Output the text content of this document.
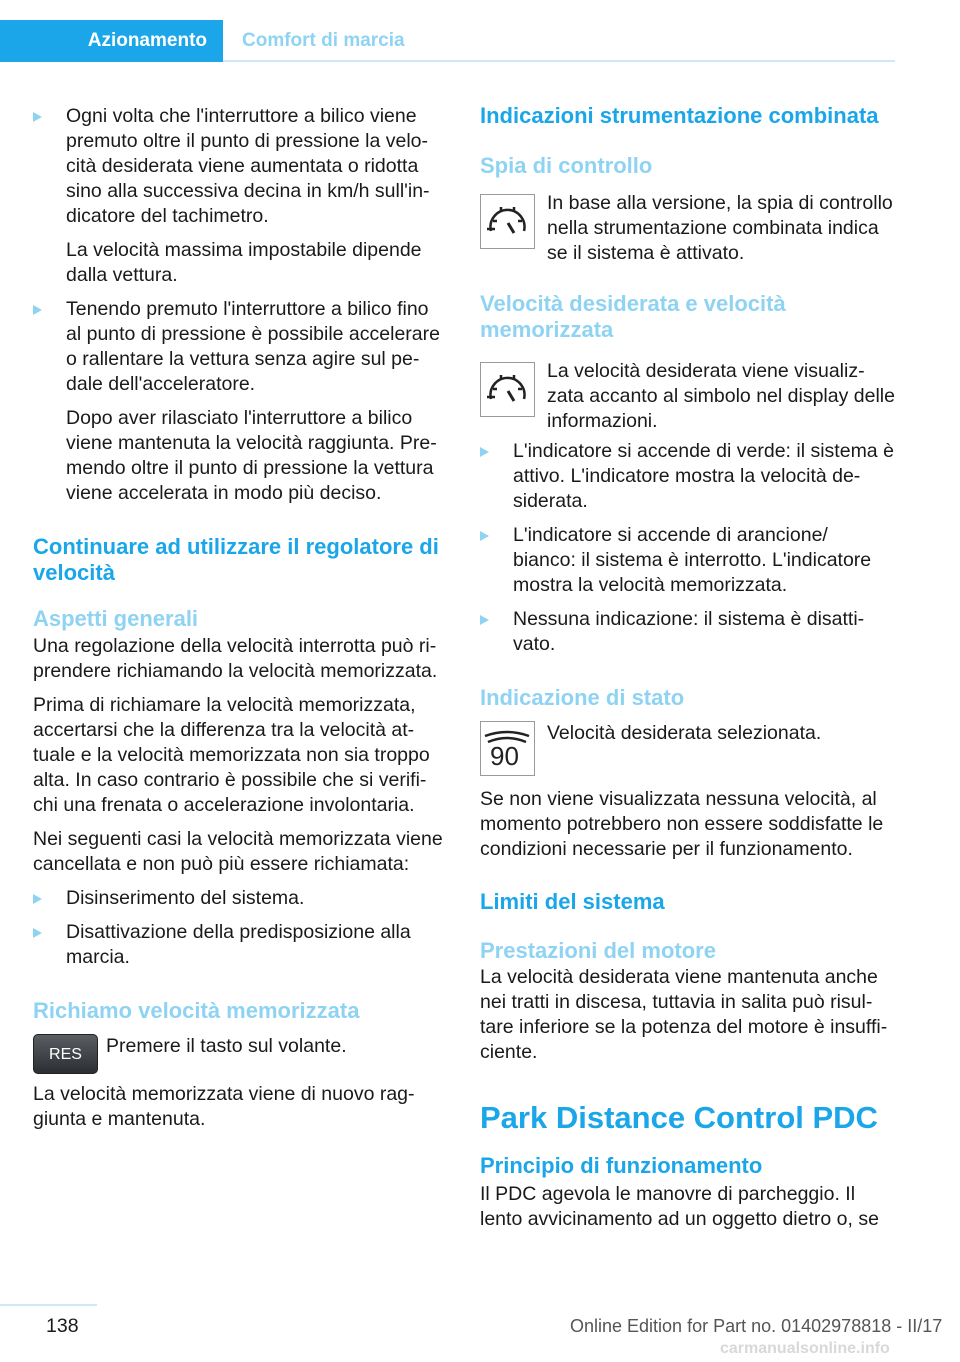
Azionamento	Comfort di marcia

Ogni volta che l'interruttore a bilico viene premuto oltre il punto di pressione la velo‐ cità desiderata viene aumentata o ridotta sino alla successiva decina in km/h sull'in‐ dicatore del tachimetro.

La velocità massima impostabile dipende dalla vettura.

Tenendo premuto l'interruttore a bilico fino al punto di pressione è possibile accelerare o rallentare la vettura senza agire sul pe‐ dale dell'acceleratore.

Dopo aver rilasciato l'interruttore a bilico viene mantenuta la velocità raggiunta. Pre‐ mendo oltre il punto di pressione la vettura viene accelerata in modo più deciso.

Continuare ad utilizzare il regolatore di velocità
Aspetti generali

Una regolazione della velocità interrotta può ri‐ prendere richiamando la velocità memorizzata.

Prima di richiamare la velocità memorizzata, accertarsi che la differenza tra la velocità at‐ tuale e la velocità memorizzata non sia troppo alta. In caso contrario è possibile che si verifi‐ chi una frenata o accelerazione involontaria.

Nei seguenti casi la velocità memorizzata viene cancellata e non può più essere richiamata:

Disinserimento del sistema.

Disattivazione della predisposizione alla marcia.

Richiamo velocità memorizzata
RES	Premere il tasto sul volante.

La velocità memorizzata viene di nuovo rag‐ giunta e mantenuta.

Indicazioni strumentazione combinata
Spia di controllo

In base alla versione, la spia di controllo nella strumentazione combinata indica se il sistema è attivato.

Velocità desiderata e velocità memorizzata

La velocità desiderata viene visualiz‐ zata accanto al simbolo nel display delle informazioni.

L'indicatore si accende di verde: il sistema è attivo. L'indicatore mostra la velocità de‐ siderata.

L'indicatore si accende di arancione/ bianco: il sistema è interrotto. L'indicatore mostra la velocità memorizzata.

Nessuna indicazione: il sistema è disatti‐ vato.

Indicazione di stato
90

Velocità desiderata selezionata.

Se non viene visualizzata nessuna velocità, al momento potrebbero non essere soddisfatte le condizioni necessarie per il funzionamento.

Limiti del sistema
Prestazioni del motore

La velocità desiderata viene mantenuta anche nei tratti in discesa, tuttavia in salita può risul‐ tare inferiore se la potenza del motore è insuffi‐ ciente.

Park Distance Control PDC
Principio di funzionamento

Il PDC agevola le manovre di parcheggio. Il lento avvicinamento ad un oggetto dietro o, se

138	Online Edition for Part no. 01402978818 - II/17
carmanualsonline.info
